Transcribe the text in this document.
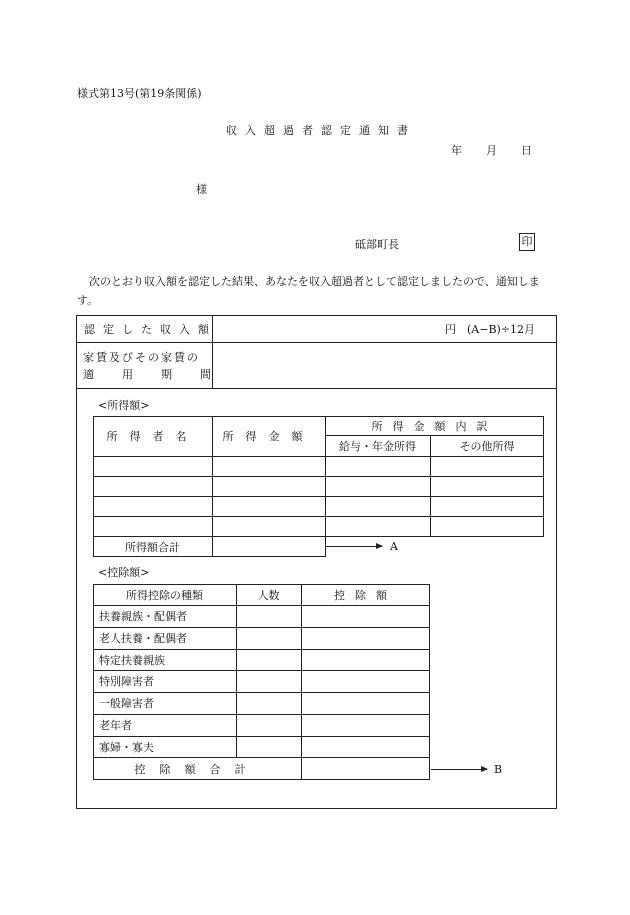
様式第13号(第19条関係)
収入超過者認定通知書
年 月 日
様
砥部町長	印
次のとおり収入額を認定した結果、あなたを収入超過者として認定しましたので、通知します。
認定した収入額	円　(A−B)÷12月
家賃及びその家賃の
適用期間
<所得額>
所得者名	所得金額
所得金額内訳
給与・年金所得	その他所得
所得額合計	A
<控除額>
所得控除の種類	人数	控除額
扶養親族・配偶者
老人扶養・配偶者
特定扶養親族
特別障害者
一般障害者
老年者
寡婦・寡夫
控除額合計	B
